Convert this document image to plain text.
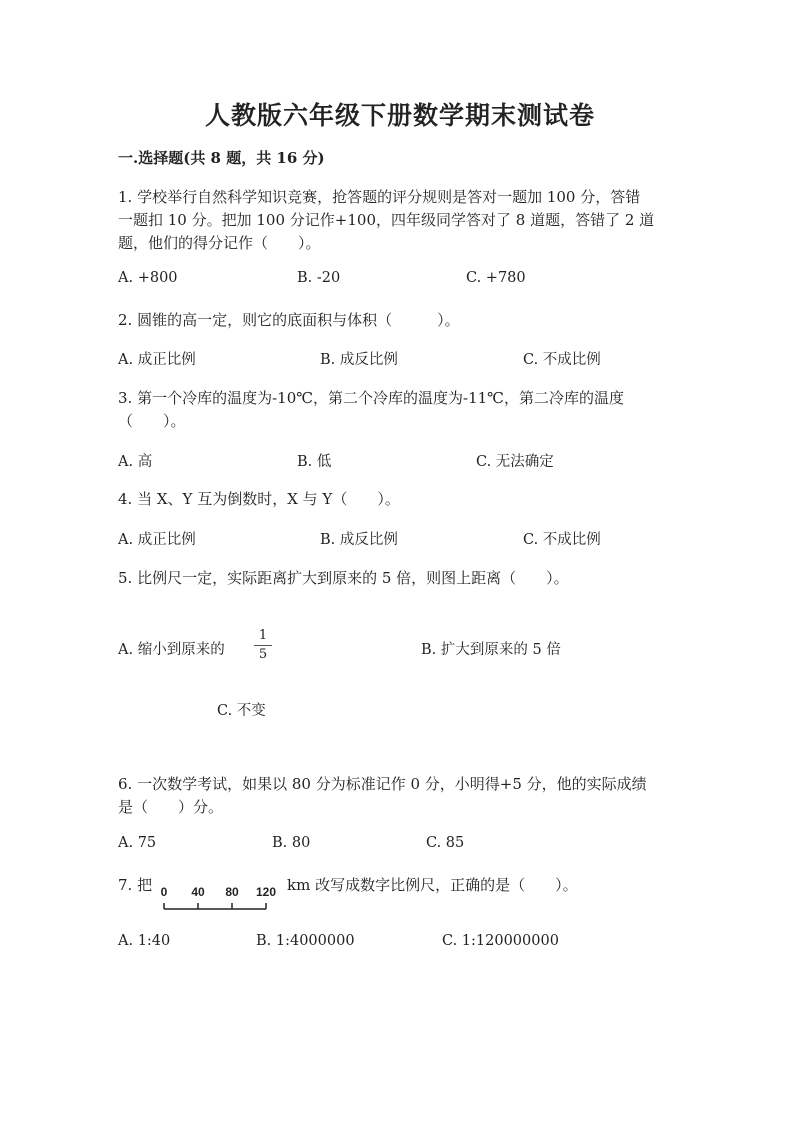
人教版六年级下册数学期末测试卷
一.选择题(共 8 题，共 16 分)
1. 学校举行自然科学知识竞赛，抢答题的评分规则是答对一题加 100 分，答错
一题扣 10 分。把加 100 分记作+100，四年级同学答对了 8 道题，答错了 2 道
题，他们的得分记作（　　）。
A. +800	B. -20	C. +780
2. 圆锥的高一定，则它的底面积与体积（　　　）。
A. 成正比例	B. 成反比例	C. 不成比例
3. 第一个冷库的温度为-10℃，第二个冷库的温度为-11℃，第二冷库的温度
（　　）。
A. 高	B. 低	C. 无法确定
4. 当 X、Y 互为倒数时，X 与 Y（　　）。
A. 成正比例	B. 成反比例	C. 不成比例
5. 比例尺一定，实际距离扩大到原来的 5 倍，则图上距离（　　）。
A. 缩小到原来的
1
5	B. 扩大到原来的 5 倍
C. 不变
6. 一次数学考试，如果以 80 分为标准记作 0 分，小明得+5 分，他的实际成绩
是（　　）分。
A. 75	B. 80	C. 85
7. 把 0 40 80 120 km 改写成数字比例尺，正确的是（　　）。
A. 1:40	B. 1:4000000	C. 1:120000000
